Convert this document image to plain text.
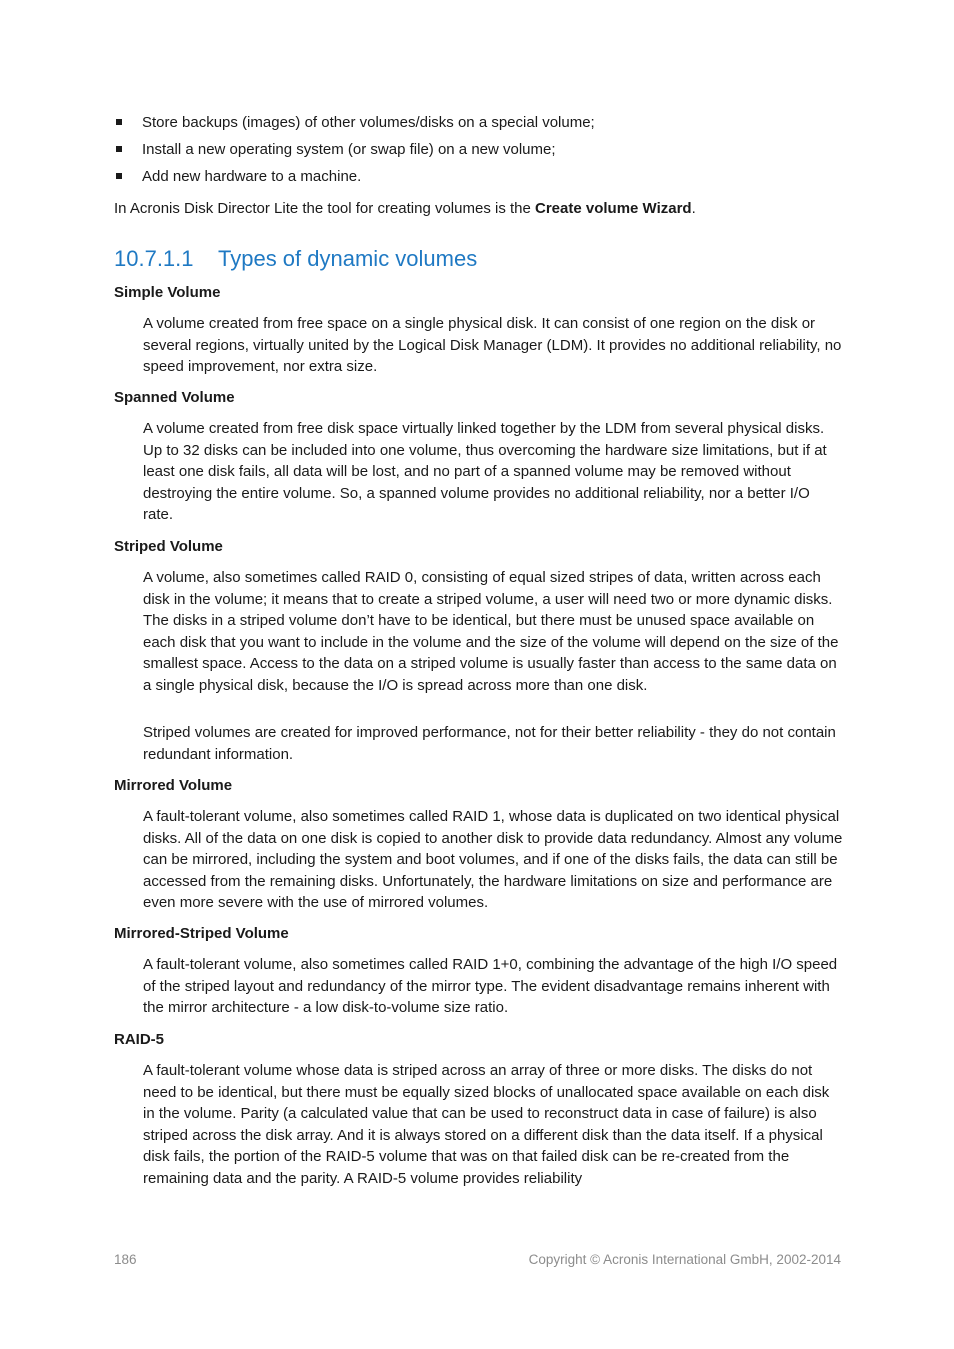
Store backups (images) of other volumes/disks on a special volume;
Install a new operating system (or swap file) on a new volume;
Add new hardware to a machine.

In Acronis Disk Director Lite the tool for creating volumes is the Create volume Wizard.

10.7.1.1 Types of dynamic volumes

Simple Volume

A volume created from free space on a single physical disk. It can consist of one region on the disk or several regions, virtually united by the Logical Disk Manager (LDM). It provides no additional reliability, no speed improvement, nor extra size.

Spanned Volume

A volume created from free disk space virtually linked together by the LDM from several physical disks. Up to 32 disks can be included into one volume, thus overcoming the hardware size limitations, but if at least one disk fails, all data will be lost, and no part of a spanned volume may be removed without destroying the entire volume. So, a spanned volume provides no additional reliability, nor a better I/O rate.

Striped Volume

A volume, also sometimes called RAID 0, consisting of equal sized stripes of data, written across each disk in the volume; it means that to create a striped volume, a user will need two or more dynamic disks. The disks in a striped volume don’t have to be identical, but there must be unused space available on each disk that you want to include in the volume and the size of the volume will depend on the size of the smallest space. Access to the data on a striped volume is usually faster than access to the same data on a single physical disk, because the I/O is spread across more than one disk.

Striped volumes are created for improved performance, not for their better reliability - they do not contain redundant information.

Mirrored Volume

A fault-tolerant volume, also sometimes called RAID 1, whose data is duplicated on two identical physical disks. All of the data on one disk is copied to another disk to provide data redundancy. Almost any volume can be mirrored, including the system and boot volumes, and if one of the disks fails, the data can still be accessed from the remaining disks. Unfortunately, the hardware limitations on size and performance are even more severe with the use of mirrored volumes.

Mirrored-Striped Volume

A fault-tolerant volume, also sometimes called RAID 1+0, combining the advantage of the high I/O speed of the striped layout and redundancy of the mirror type. The evident disadvantage remains inherent with the mirror architecture - a low disk-to-volume size ratio.

RAID-5

A fault-tolerant volume whose data is striped across an array of three or more disks. The disks do not need to be identical, but there must be equally sized blocks of unallocated space available on each disk in the volume. Parity (a calculated value that can be used to reconstruct data in case of failure) is also striped across the disk array. And it is always stored on a different disk than the data itself. If a physical disk fails, the portion of the RAID-5 volume that was on that failed disk can be re-created from the remaining data and the parity. A RAID-5 volume provides reliability

186	Copyright © Acronis International GmbH, 2002-2014
